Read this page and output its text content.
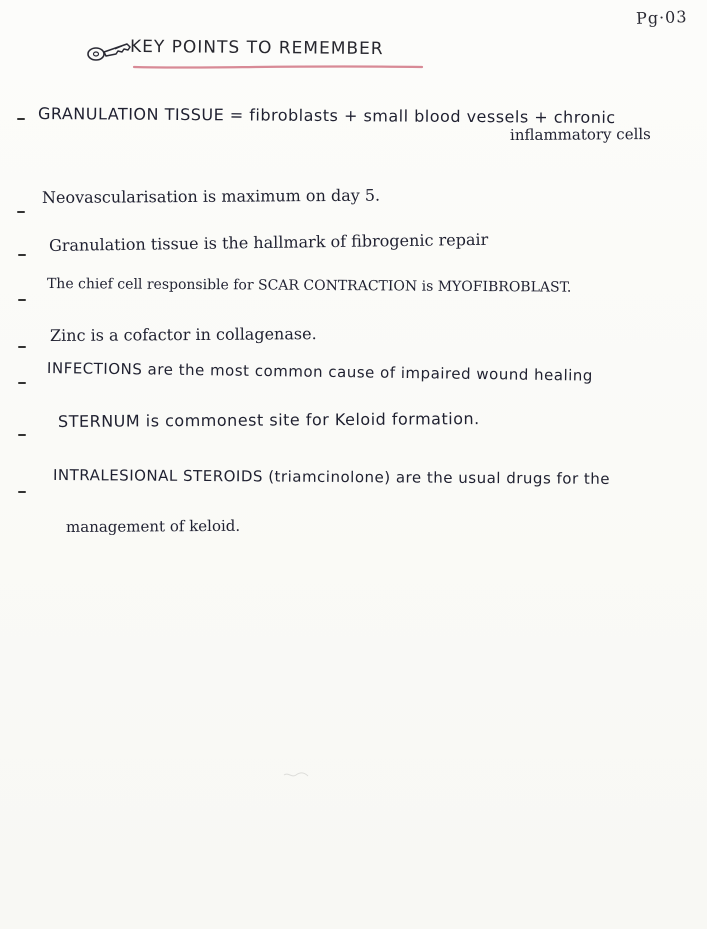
Pg·03
KEY POINTS TO REMEMBER
GRANULATION TISSUE = fibroblasts + small blood vessels + chronic
inflammatory cells
Neovascularisation is maximum on day 5.
Granulation tissue is the hallmark of fibrogenic repair
The chief cell responsible for SCAR CONTRACTION is MYOFIBROBLAST.
Zinc is a cofactor in collagenase.
INFECTIONS are the most common cause of impaired wound healing
STERNUM is commonest site for Keloid formation.
INTRALESIONAL STEROIDS (triamcinolone) are the usual drugs for the
management of keloid.
